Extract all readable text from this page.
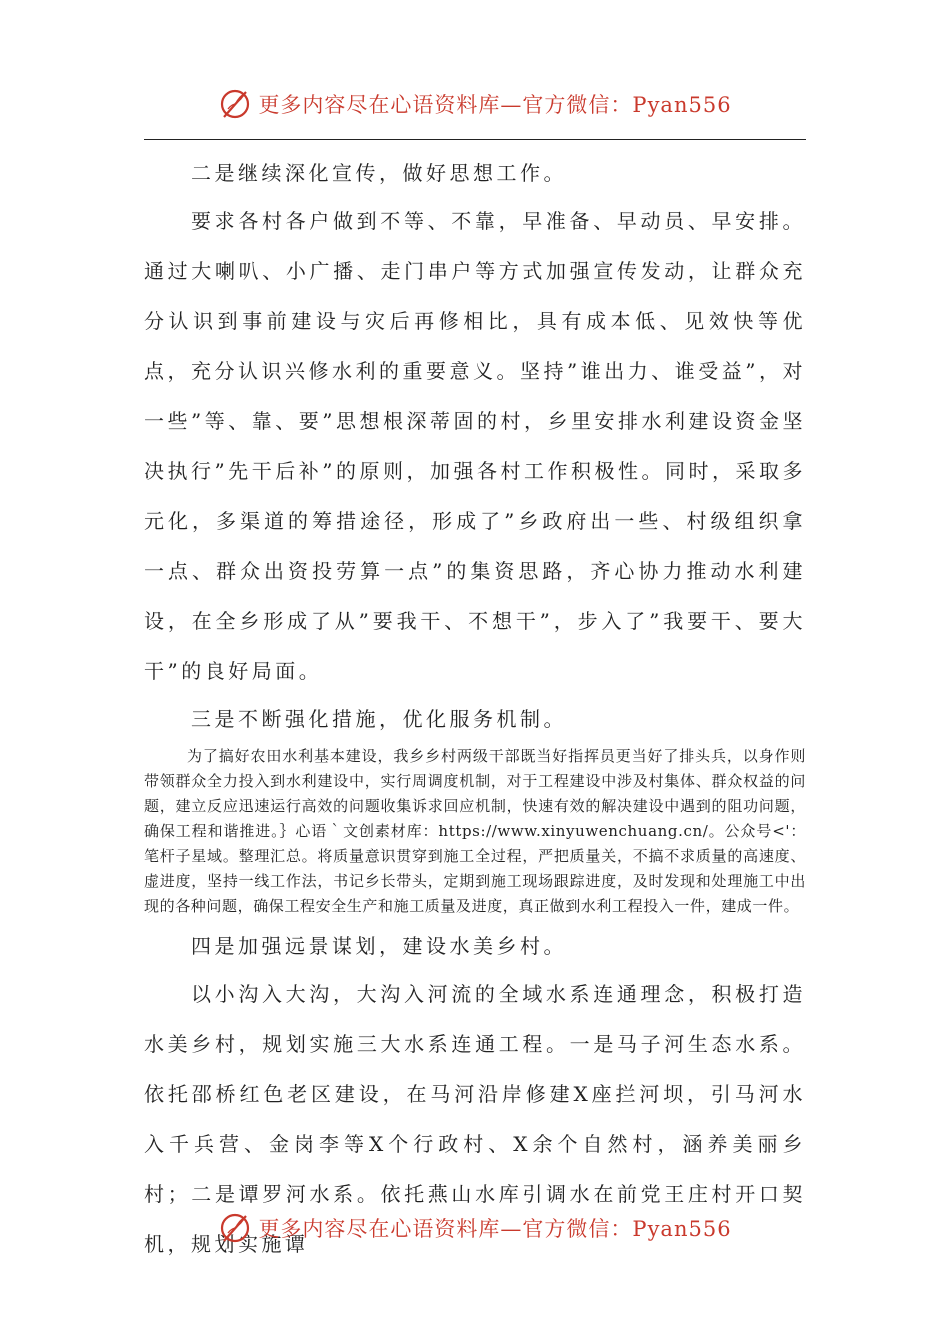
更多内容尽在心语资料库—官方微信：Pyan556

二是继续深化宣传，做好思想工作。

要求各村各户做到不等、不靠，早准备、早动员、早安排。通过大喇叭、小广播、走门串户等方式加强宣传发动，让群众充分认识到事前建设与灾后再修相比，具有成本低、见效快等优点，充分认识兴修水利的重要意义。坚持”谁出力、谁受益”，对一些”等、靠、要”思想根深蒂固的村，乡里安排水利建设资金坚决执行”先干后补”的原则，加强各村工作积极性。同时，采取多元化，多渠道的筹措途径，形成了”乡政府出一些、村级组织拿一点、群众出资投劳算一点”的集资思路，齐心协力推动水利建设，在全乡形成了从”要我干、不想干”，步入了”我要干、要大干”的良好局面。

三是不断强化措施，优化服务机制。

为了搞好农田水利基本建设，我乡乡村两级干部既当好指挥员更当好了排头兵，以身作则带领群众全力投入到水利建设中，实行周调度机制，对于工程建设中涉及村集体、群众权益的问题，建立反应迅速运行高效的问题收集诉求回应机制，快速有效的解决建设中遇到的阻功问题，确保工程和谐推进。｝心语｀文创素材库：https://www.xinyuwenchuang.cn/。公众号<'：笔杆子星域。整理汇总。将质量意识贯穿到施工全过程，严把质量关，不搞不求质量的高速度、虚进度，坚持一线工作法，书记乡长带头，定期到施工现场跟踪进度，及时发现和处理施工中出现的各种问题，确保工程安全生产和施工质量及进度，真正做到水利工程投入一件，建成一件。

四是加强远景谋划，建设水美乡村。

以小沟入大沟，大沟入河流的全域水系连通理念，积极打造水美乡村，规划实施三大水系连通工程。一是马子河生态水系。依托邵桥红色老区建设，在马河沿岸修建X座拦河坝，引马河水入千兵营、金岗李等X个行政村、X余个自然村，涵养美丽乡村；二是谭罗河水系。依托燕山水库引调水在前党王庄村开口契机，规划实施谭

更多内容尽在心语资料库—官方微信：Pyan556
